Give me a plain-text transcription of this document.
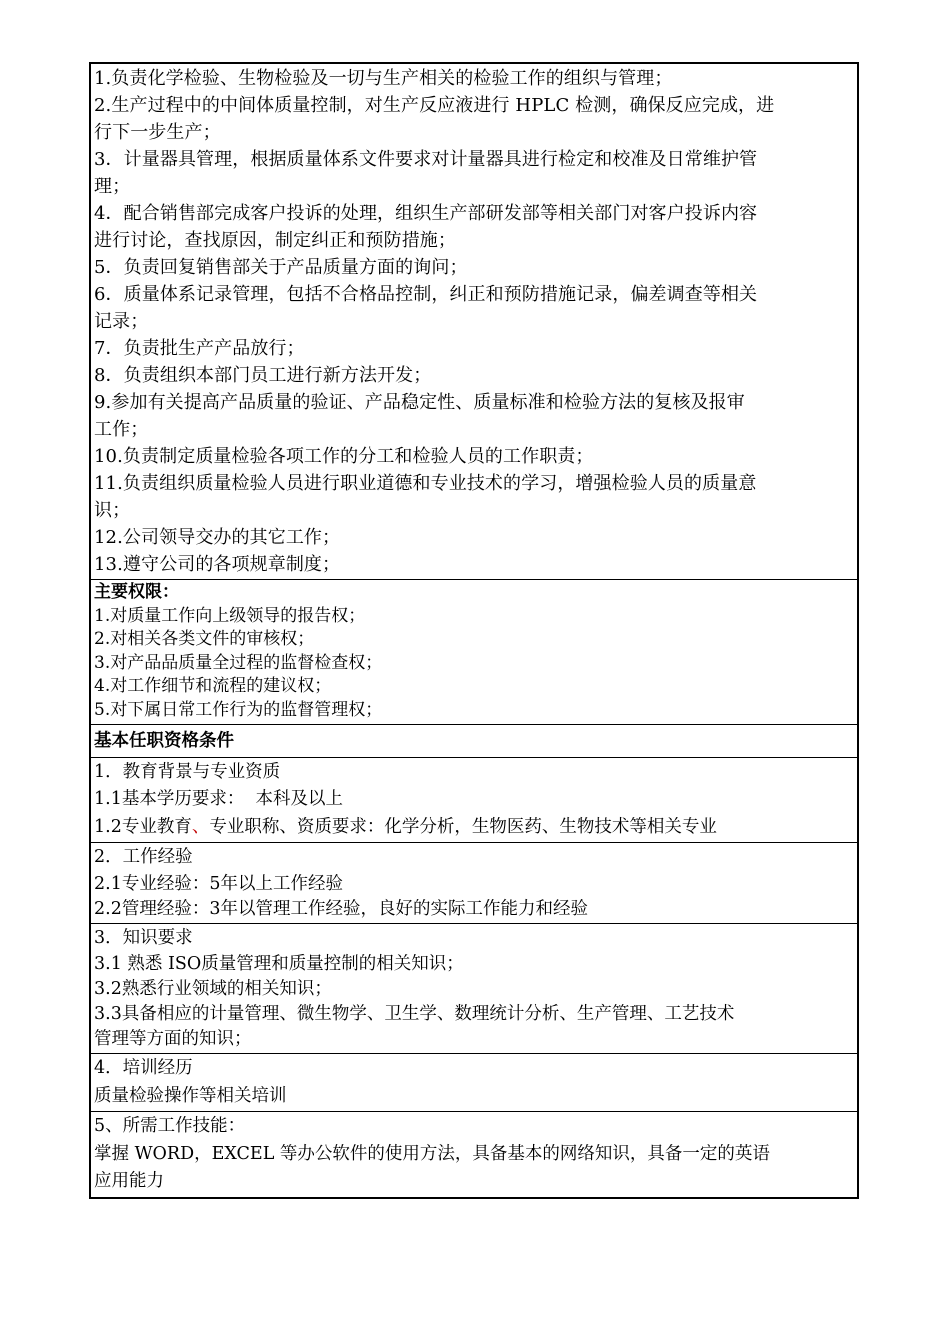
1.负责化学检验、生物检验及一切与生产相关的检验工作的组织与管理；
2.生产过程中的中间体质量控制，对生产反应液进行 HPLC 检测，确保反应完成，进
行下一步生产；
3．计量器具管理，根据质量体系文件要求对计量器具进行检定和校准及日常维护管
理；
4．配合销售部完成客户投诉的处理，组织生产部研发部等相关部门对客户投诉内容
进行讨论，查找原因，制定纠正和预防措施；
5．负责回复销售部关于产品质量方面的询问；
6．质量体系记录管理，包括不合格品控制，纠正和预防措施记录，偏差调查等相关
记录；
7．负责批生产产品放行；
8．负责组织本部门员工进行新方法开发；
9.参加有关提高产品质量的验证、产品稳定性、质量标准和检验方法的复核及报审
工作；
10.负责制定质量检验各项工作的分工和检验人员的工作职责；
11.负责组织质量检验人员进行职业道德和专业技术的学习，增强检验人员的质量意
识；
12.公司领导交办的其它工作；
13.遵守公司的各项规章制度；
主要权限：
1.对质量工作向上级领导的报告权；
2.对相关各类文件的审核权；
3.对产品品质量全过程的监督检查权；
4.对工作细节和流程的建议权；
5.对下属日常工作行为的监督管理权；
基本任职资格条件
1．教育背景与专业资质
1.1基本学历要求：  本科及以上
1.2专业教育、专业职称、资质要求：化学分析，生物医药、生物技术等相关专业
2．工作经验
2.1专业经验：5年以上工作经验
2.2管理经验：3年以管理工作经验，良好的实际工作能力和经验
3．知识要求
3.1 熟悉 ISO质量管理和质量控制的相关知识；
3.2熟悉行业领域的相关知识；
3.3具备相应的计量管理、微生物学、卫生学、数理统计分析、生产管理、工艺技术
管理等方面的知识；
4．培训经历
质量检验操作等相关培训
5、所需工作技能：
掌握 WORD，EXCEL 等办公软件的使用方法，具备基本的网络知识，具备一定的英语
应用能力
